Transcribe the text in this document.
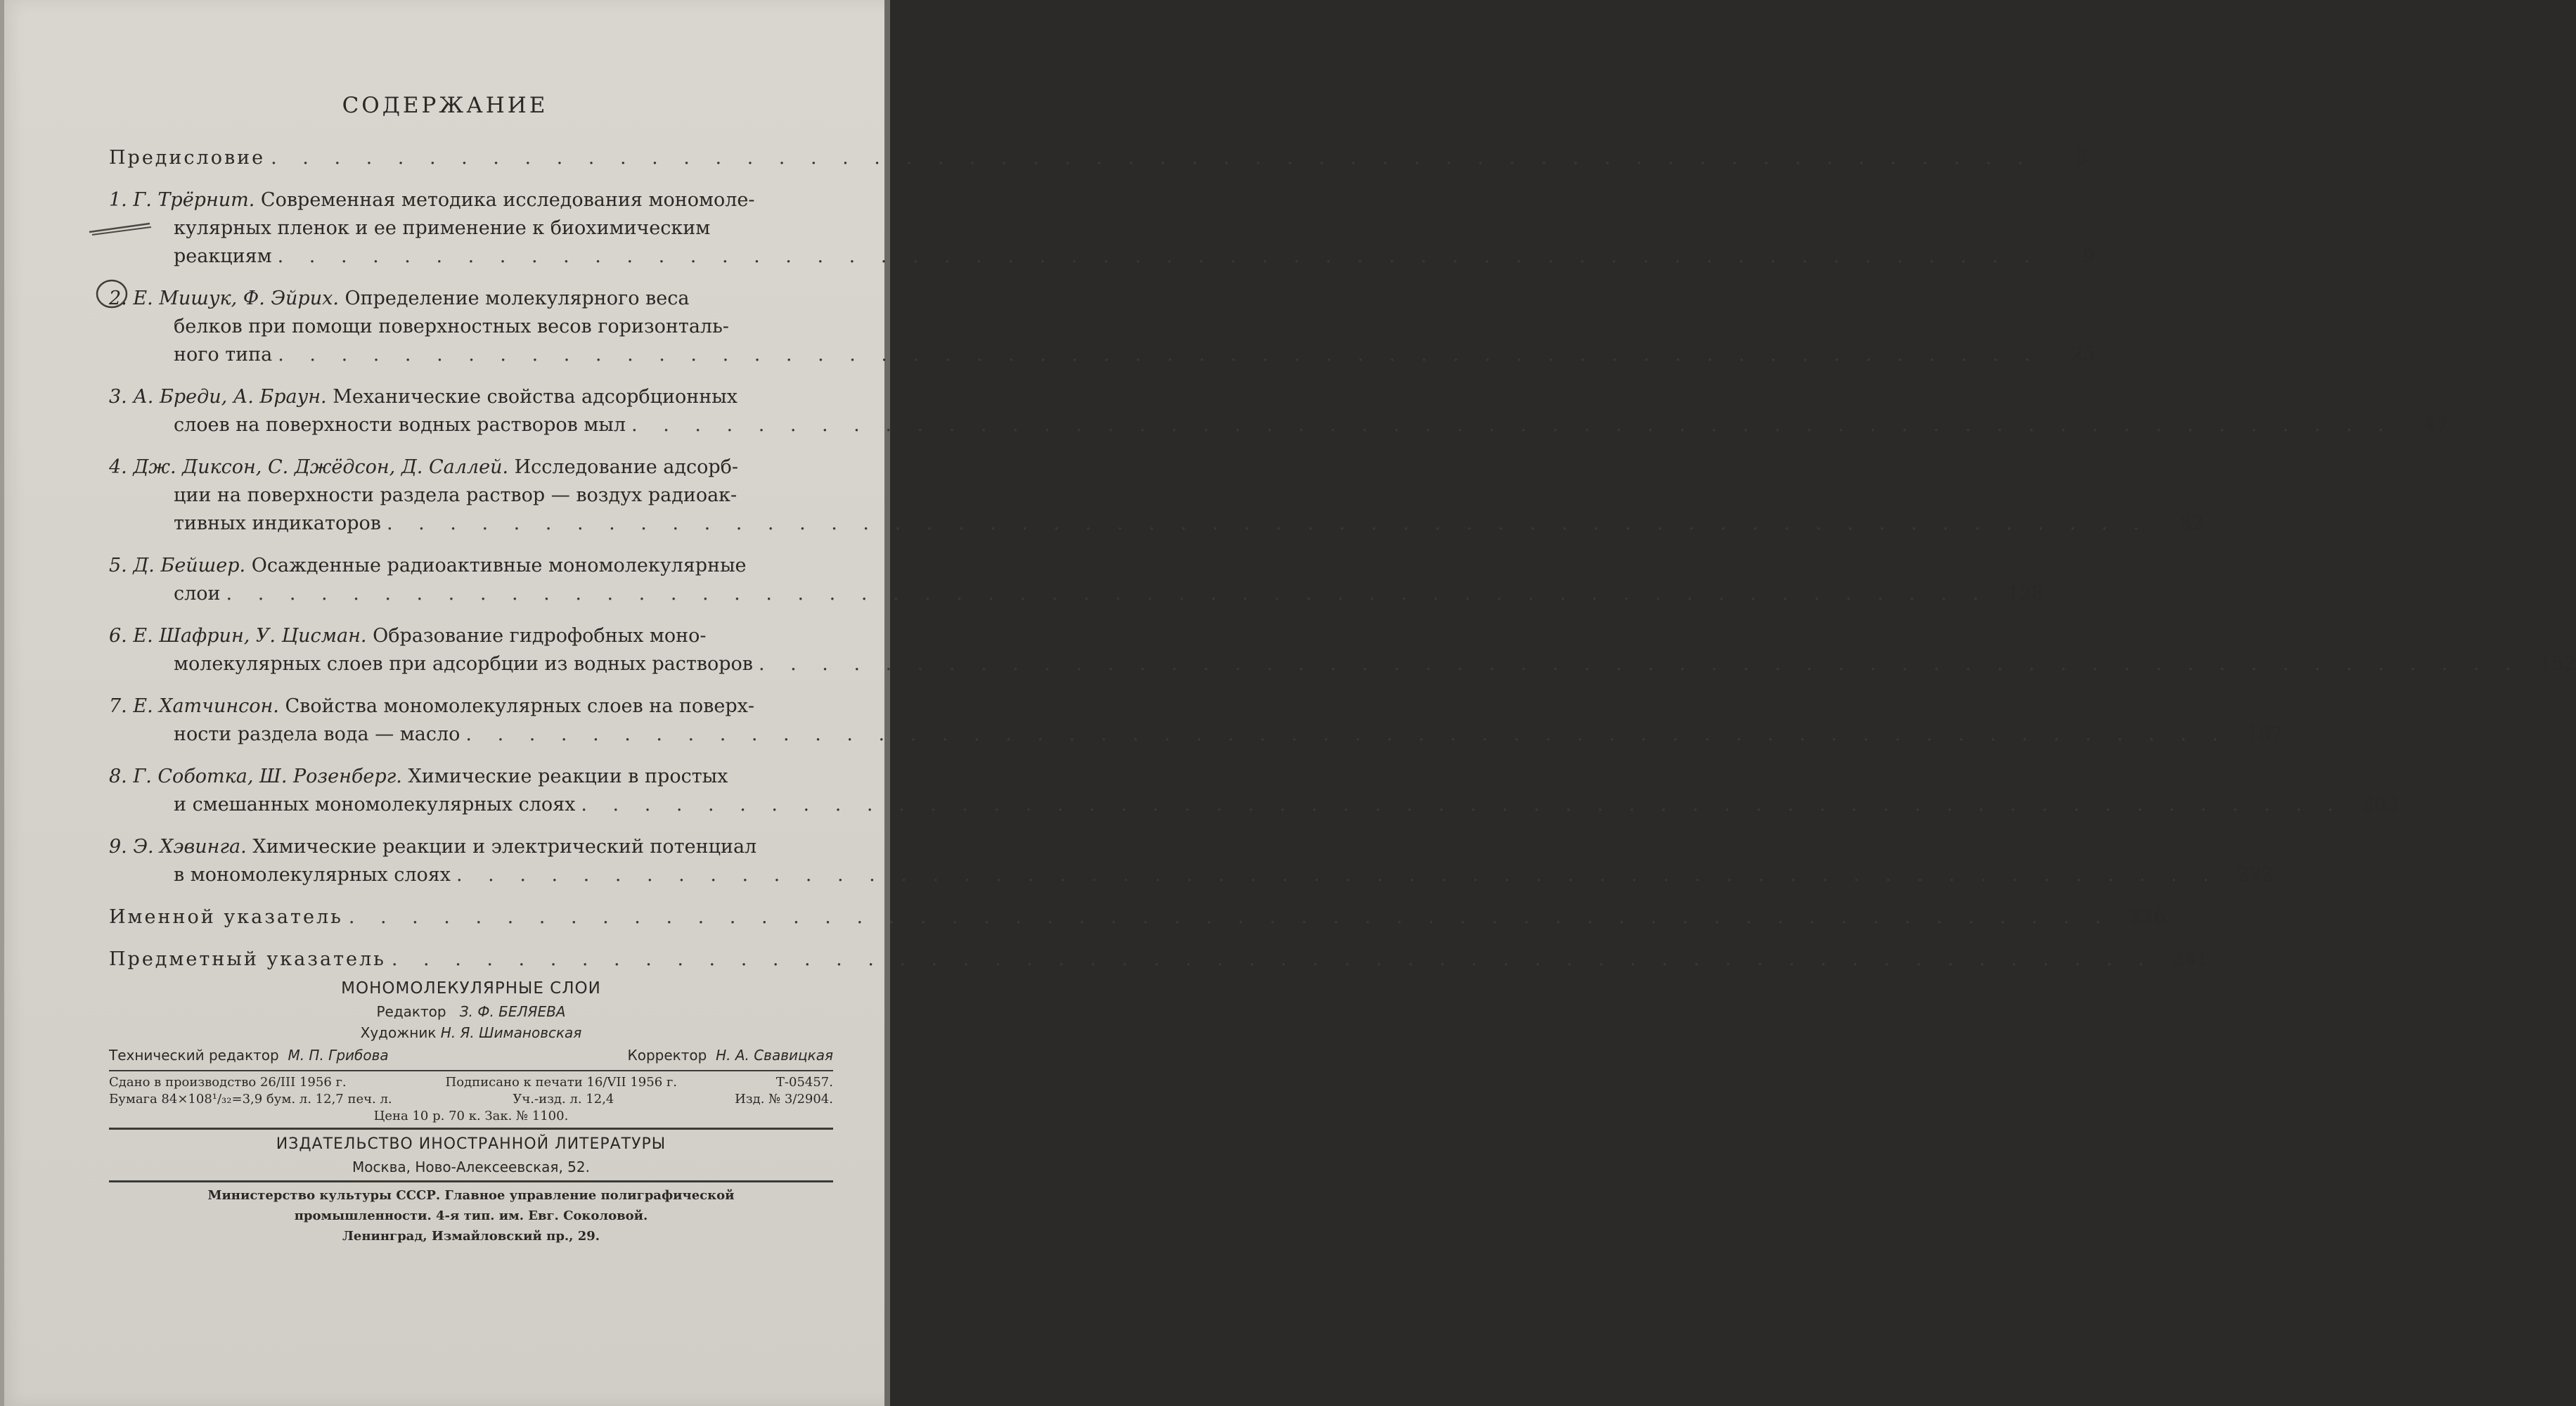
СОДЕРЖАНИЕ
Предисловие . . . . . . . . . . . . . . . . . . . . . . . . . . . . . . . . . . . . . . . . . . . . . . . . . . . . . . . .	5
1. Г. Трёрнит. Современная методика исследования мономоле-
кулярных пленок и ее применение к биохимическим
реакциям . . . . . . . . . . . . . . . . . . . . . . . . . . . . . . . . . . . . . . . . . . . . . . . . . . . . . . . .	9
2. Е. Мишук, Ф. Эйрих. Определение молекулярного веса
белков при помощи поверхностных весов горизонталь-
ного типа . . . . . . . . . . . . . . . . . . . . . . . . . . . . . . . . . . . . . . . . . . . . . . . . . . . . . . . .	25
3. А. Бреди, А. Браун. Механические свойства адсорбционных
слоев на поверхности водных растворов мыл . . . . . . . . . . . . . . . . . . . . . . . . . . . . . . . . . . . . . . . . . . . . . . . . . . . . . . . .	47
4. Дж. Диксон, С. Джёдсон, Д. Саллей. Исследование адсорб-
ции на поверхности раздела раствор — воздух радиоак-
тивных индикаторов . . . . . . . . . . . . . . . . . . . . . . . . . . . . . . . . . . . . . . . . . . . . . . . . . . . . . . . .	82
5. Д. Бейшер. Осажденные радиоактивные мономолекулярные
слои . . . . . . . . . . . . . . . . . . . . . . . . . . . . . . . . . . . . . . . . . . . . . . . . . . . . . . . . 128
6. Е. Шафрин, У. Цисман. Образование гидрофобных моно-
молекулярных слоев при адсорбции из водных растворов . . . . . . . . . . . . . . . . . . . . . . . . . . . . . . . . . . . . . . . . . . . . . . . . . . . . . . . . 152
7. Е. Хатчинсон. Свойства мономолекулярных слоев на поверх-
ности раздела вода — масло . . . . . . . . . . . . . . . . . . . . . . . . . . . . . . . . . . . . . . . . . . . . . . . . . . . . . . . . 187
8. Г. Соботка, Ш. Розенберг. Химические реакции в простых
и смешанных мономолекулярных слоях . . . . . . . . . . . . . . . . . . . . . . . . . . . . . . . . . . . . . . . . . . . . . . . . . . . . . . . . 203
9. Э. Хэвинга. Химические реакции и электрический потенциал
в мономолекулярных слоях . . . . . . . . . . . . . . . . . . . . . . . . . . . . . . . . . . . . . . . . . . . . . . . . . . . . . . . . 222
Именной указатель . . . . . . . . . . . . . . . . . . . . . . . . . . . . . . . . . . . . . . . . . . . . . . . . . . . . . . . . 236
Предметный указатель . . . . . . . . . . . . . . . . . . . . . . . . . . . . . . . . . . . . . . . . . . . . . . . . . . . . . . . . 241
МОНОМОЛЕКУЛЯРНЫЕ СЛОИ
Редактор З. Ф. БЕЛЯЕВА
Художник Н. Я. Шимановская
Технический редактор М. П. Грибова	Корректор Н. А. Свавицкая
Сдано в производство 26/III 1956 г.	Подписано к печати 16/VII 1956 г.	Т-05457.
Бумага 84×108¹/₃₂=3,9 бум. л. 12,7 печ. л.	Уч.-изд. л. 12,4	Изд. № 3/2904.
Цена 10 р. 70 к. Зак. № 1100.
ИЗДАТЕЛЬСТВО ИНОСТРАННОЙ ЛИТЕРАТУРЫ
Москва, Ново-Алексеевская, 52.
Министерство культуры СССР. Главное управление полиграфической
промышленности. 4-я тип. им. Евг. Соколовой.
Ленинград, Измайловский пр., 29.
